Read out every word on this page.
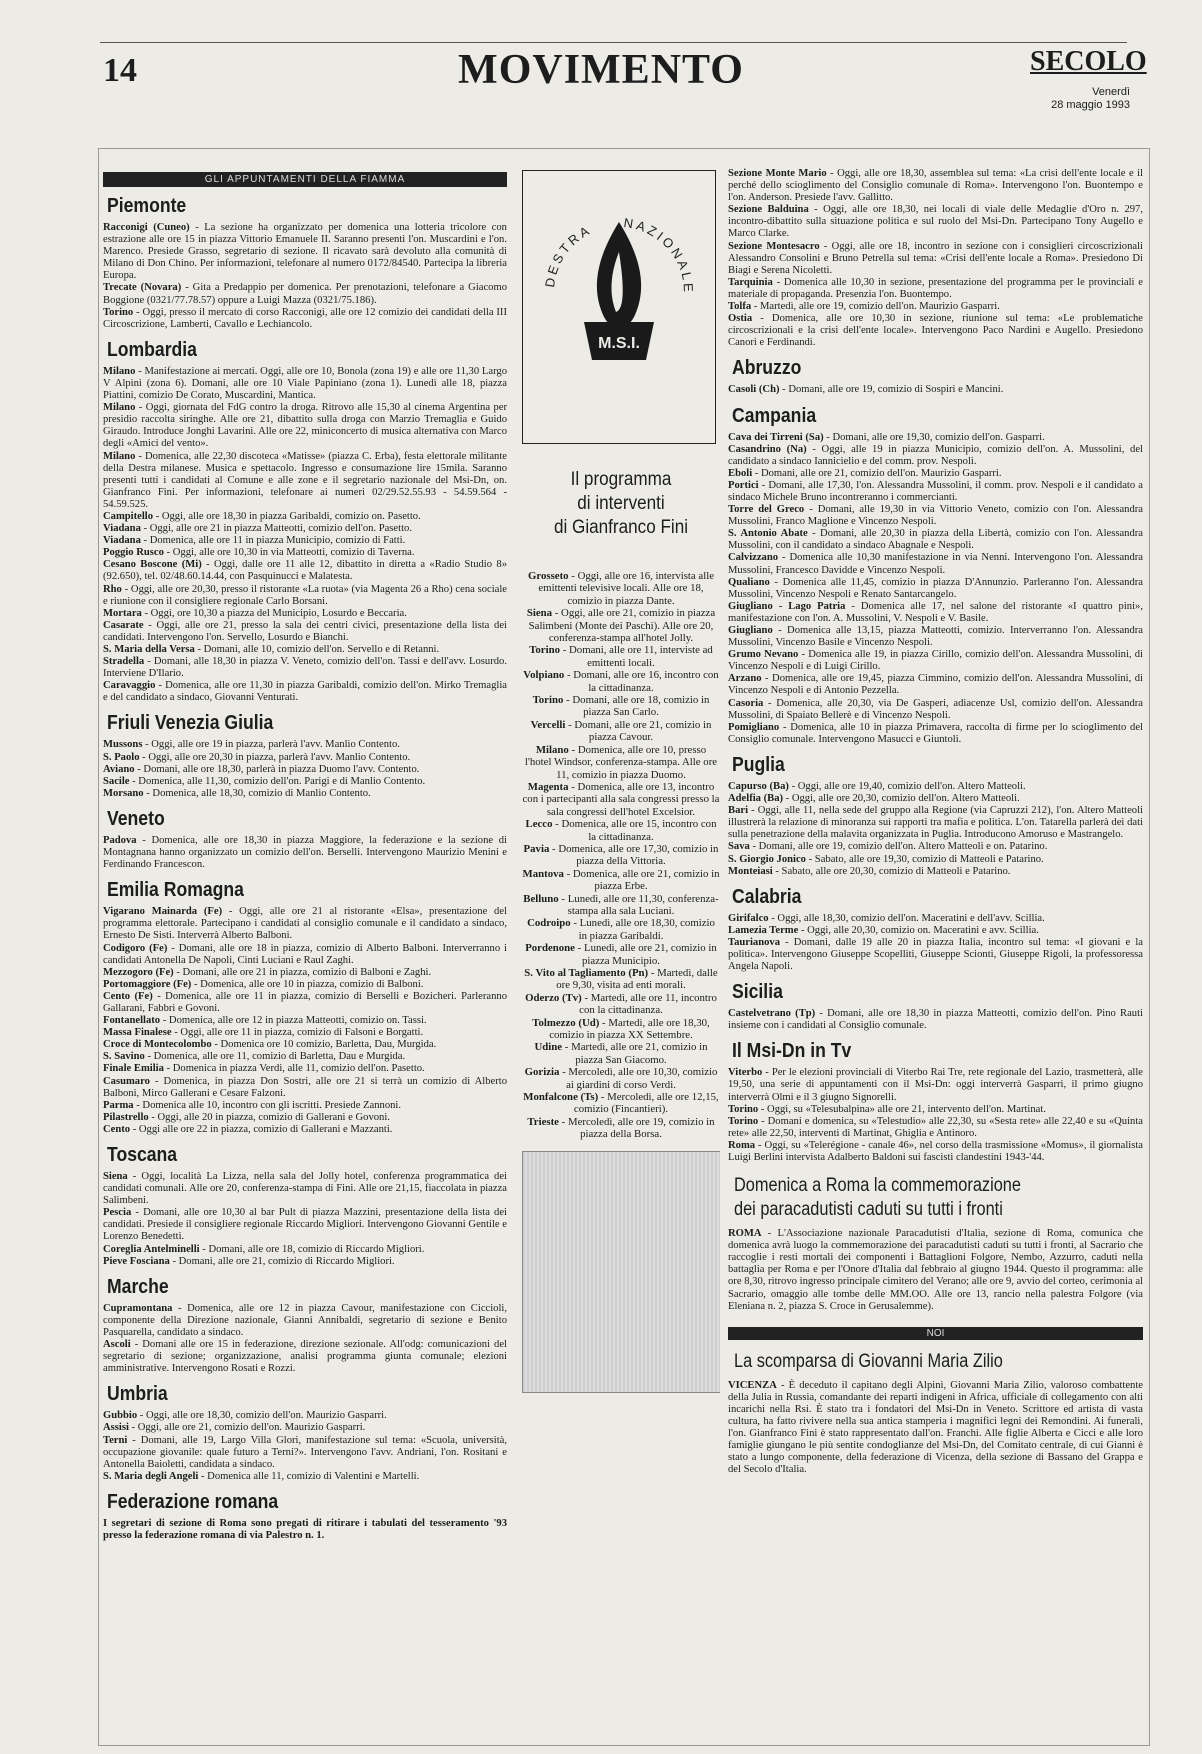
14	MOVIMENTO	SECOLO
Venerdì
28 maggio 1993
GLI APPUNTAMENTI DELLA FIAMMA
Piemonte

Racconigi (Cuneo) - La sezione ha organizzato per domenica una lotteria tricolore con estrazione alle ore 15 in piazza Vittorio Emanuele II. Saranno presenti l'on. Muscardini e l'on. Marenco. Presiede Grasso, segretario di sezione. Il ricavato sarà devoluto alla comunità di Milano di Don Chino. Per informazioni, telefonare al numero 0172/84540. Partecipa la libreria Europa.

Trecate (Novara) - Gita a Predappio per domenica. Per prenotazioni, telefonare a Giacomo Boggione (0321/77.78.57) oppure a Luigi Mazza (0321/75.186).

Torino - Oggi, presso il mercato di corso Racconigi, alle ore 12 comizio dei candidati della III Circoscrizione, Lamberti, Cavallo e Lechiancolo.

Lombardia

Milano - Manifestazione ai mercati. Oggi, alle ore 10, Bonola (zona 19) e alle ore 11,30 Largo V Alpini (zona 6). Domani, alle ore 10 Viale Papiniano (zona 1). Lunedì alle 18, piazza Piattini, comizio De Corato, Muscardini, Mantica.

Milano - Oggi, giornata del FdG contro la droga. Ritrovo alle 15,30 al cinema Argentina per presidio raccolta siringhe. Alle ore 21, dibattito sulla droga con Marzio Tremaglia e Guido Giraudo. Introduce Jonghi Lavarini. Alle ore 22, miniconcerto di musica alternativa con Marco degli «Amici del vento».

Milano - Domenica, alle 22,30 discoteca «Matisse» (piazza C. Erba), festa elettorale militante della Destra milanese. Musica e spettacolo. Ingresso e consumazione lire 15mila. Saranno presenti tutti i candidati al Comune e alle zone e il segretario nazionale del Msi-Dn, on. Gianfranco Fini. Per informazioni, telefonare ai numeri 02/29.52.55.93 - 54.59.564 - 54.59.525.

Campitello - Oggi, alle ore 18,30 in piazza Garibaldi, comizio on. Pasetto.

Viadana - Oggi, alle ore 21 in piazza Matteotti, comizio dell'on. Pasetto.

Viadana - Domenica, alle ore 11 in piazza Municipio, comizio di Fatti.

Poggio Rusco - Oggi, alle ore 10,30 in via Matteotti, comizio di Taverna.

Cesano Boscone (Mi) - Oggi, dalle ore 11 alle 12, dibattito in diretta a «Radio Studio 8» (92.650), tel. 02/48.60.14.44, con Pasquinucci e Malatesta.

Rho - Oggi, alle ore 20,30, presso il ristorante «La ruota» (via Magenta 26 a Rho) cena sociale e riunione con il consigliere regionale Carlo Borsani.

Mortara - Oggi, ore 10,30 a piazza del Municipio, Losurdo e Beccaria.

Casarate - Oggi, alle ore 21, presso la sala dei centri civici, presentazione della lista dei candidati. Intervengono l'on. Servello, Losurdo e Bianchi.

S. Maria della Versa - Domani, alle 10, comizio dell'on. Servello e di Retanni.

Stradella - Domani, alle 18,30 in piazza V. Veneto, comizio dell'on. Tassi e dell'avv. Losurdo. Interviene D'Ilario.

Caravaggio - Domenica, alle ore 11,30 in piazza Garibaldi, comizio dell'on. Mirko Tremaglia e del candidato a sindaco, Giovanni Venturati.

Friuli Venezia Giulia

Mussons - Oggi, alle ore 19 in piazza, parlerà l'avv. Manlio Contento.

S. Paolo - Oggi, alle ore 20,30 in piazza, parlerà l'avv. Manlio Contento.

Aviano - Domani, alle ore 18,30, parlerà in piazza Duomo l'avv. Contento.

Sacile - Domenica, alle 11,30, comizio dell'on. Parigi e di Manlio Contento.

Morsano - Domenica, alle 18,30, comizio di Manlio Contento.

Veneto

Padova - Domenica, alle ore 18,30 in piazza Maggiore, la federazione e la sezione di Montagnana hanno organizzato un comizio dell'on. Berselli. Intervengono Maurizio Menini e Ferdinando Francescon.

Emilia Romagna

Vigarano Mainarda (Fe) - Oggi, alle ore 21 al ristorante «Elsa», presentazione del programma elettorale. Partecipano i candidati al consiglio comunale e il candidato a sindaco, Ernesto De Sisti. Interverrà Alberto Balboni.

Codigoro (Fe) - Domani, alle ore 18 in piazza, comizio di Alberto Balboni. Interverranno i candidati Antonella De Napoli, Cinti Luciani e Raul Zaghi.

Mezzogoro (Fe) - Domani, alle ore 21 in piazza, comizio di Balboni e Zaghi.

Portomaggiore (Fe) - Domenica, alle ore 10 in piazza, comizio di Balboni.

Cento (Fe) - Domenica, alle ore 11 in piazza, comizio di Berselli e Bozicheri. Parleranno Gallarani, Fabbri e Govoni.

Fontanellato - Domenica, alle ore 12 in piazza Matteotti, comizio on. Tassi.

Massa Finalese - Oggi, alle ore 11 in piazza, comizio di Falsoni e Borgatti.

Croce di Montecolombo - Domenica ore 10 comizio, Barletta, Dau, Murgida.

S. Savino - Domenica, alle ore 11, comizio di Barletta, Dau e Murgida.

Finale Emilia - Domenica in piazza Verdi, alle 11, comizio dell'on. Pasetto.

Casumaro - Domenica, in piazza Don Sostri, alle ore 21 si terrà un comizio di Alberto Balboni, Mirco Gallerani e Cesare Falzoni.

Parma - Domenica alle 10, incontro con gli iscritti. Presiede Zannoni.

Pilastrello - Oggi, alle 20 in piazza, comizio di Gallerani e Govoni.

Cento - Oggi alle ore 22 in piazza, comizio di Gallerani e Mazzanti.

Toscana

Siena - Oggi, località La Lizza, nella sala del Jolly hotel, conferenza programmatica dei candidati comunali. Alle ore 20, conferenza-stampa di Fini. Alle ore 21,15, fiaccolata in piazza Salimbeni.

Pescia - Domani, alle ore 10,30 al bar Pult di piazza Mazzini, presentazione della lista dei candidati. Presiede il consigliere regionale Riccardo Migliori. Intervengono Giovanni Gentile e Lorenzo Benedetti.

Coreglia Antelminelli - Domani, alle ore 18, comizio di Riccardo Migliori.

Pieve Fosciana - Domani, alle ore 21, comizio di Riccardo Migliori.

Marche

Cupramontana - Domenica, alle ore 12 in piazza Cavour, manifestazione con Ciccioli, componente della Direzione nazionale, Gianni Annibaldi, segretario di sezione e Benito Pasquarella, candidato a sindaco.

Ascoli - Domani alle ore 15 in federazione, direzione sezionale. All'odg: comunicazioni del segretario di sezione; organizzazione, analisi programma giunta comunale; elezioni amministrative. Intervengono Rosati e Rozzi.

Umbria

Gubbio - Oggi, alle ore 18,30, comizio dell'on. Maurizio Gasparri.

Assisi - Oggi, alle ore 21, comizio dell'on. Maurizio Gasparri.

Terni - Domani, alle 19, Largo Villa Glori, manifestazione sul tema: «Scuola, università, occupazione giovanile: quale futuro a Terni?». Intervengono l'avv. Andriani, l'on. Rositani e Antonella Baioletti, candidata a sindaco.

S. Maria degli Angeli - Domenica alle 11, comizio di Valentini e Martelli.

Federazione romana

I segretari di sezione di Roma sono pregati di ritirare i tabulati del tesseramento '93 presso la federazione romana di via Palestro n. 1.

DESTRA NAZIONALE
M.S.I.
Il programma
di interventi
di Gianfranco Fini

Grosseto - Oggi, alle ore 16, intervista alle emittenti televisive locali. Alle ore 18, comizio in piazza Dante.

Siena - Oggi, alle ore 21, comizio in piazza Salimbeni (Monte dei Paschi). Alle ore 20, conferenza-stampa all'hotel Jolly.

Torino - Domani, alle ore 11, interviste ad emittenti locali.

Volpiano - Domani, alle ore 16, incontro con la cittadinanza.

Torino - Domani, alle ore 18, comizio in piazza San Carlo.

Vercelli - Domani, alle ore 21, comizio in piazza Cavour.

Milano - Domenica, alle ore 10, presso l'hotel Windsor, conferenza-stampa. Alle ore 11, comizio in piazza Duomo.

Magenta - Domenica, alle ore 13, incontro con i partecipanti alla sala congressi presso la sala congressi dell'hotel Excelsior.

Lecco - Domenica, alle ore 15, incontro con la cittadinanza.

Pavia - Domenica, alle ore 17,30, comizio in piazza della Vittoria.

Mantova - Domenica, alle ore 21, comizio in piazza Erbe.

Belluno - Lunedì, alle ore 11,30, conferenza-stampa alla sala Luciani.

Codroipo - Lunedì, alle ore 18,30, comizio in piazza Garibaldi.

Pordenone - Lunedì, alle ore 21, comizio in piazza Municipio.

S. Vito al Tagliamento (Pn) - Martedì, dalle ore 9,30, visita ad enti morali.

Oderzo (Tv) - Martedì, alle ore 11, incontro con la cittadinanza.

Tolmezzo (Ud) - Martedì, alle ore 18,30, comizio in piazza XX Settembre.

Udine - Martedì, alle ore 21, comizio in piazza San Giacomo.

Gorizia - Mercoledì, alle ore 10,30, comizio ai giardini di corso Verdi.

Monfalcone (Ts) - Mercoledì, alle ore 12,15, comizio (Fincantieri).

Trieste - Mercoledì, alle ore 19, comizio in piazza della Borsa.

Sezione Monte Mario - Oggi, alle ore 18,30, assemblea sul tema: «La crisi dell'ente locale e il perché dello scioglimento del Consiglio comunale di Roma». Intervengono l'on. Buontempo e l'on. Anderson. Presiede l'avv. Gallitto.

Sezione Balduina - Oggi, alle ore 18,30, nei locali di viale delle Medaglie d'Oro n. 297, incontro-dibattito sulla situazione politica e sul ruolo del Msi-Dn. Partecipano Tony Augello e Marco Clarke.

Sezione Montesacro - Oggi, alle ore 18, incontro in sezione con i consiglieri circoscrizionali Alessandro Consolini e Bruno Petrella sul tema: «Crisi dell'ente locale a Roma». Presiedono Di Biagi e Serena Nicoletti.

Tarquinia - Domenica alle 10,30 in sezione, presentazione del programma per le provinciali e materiale di propaganda. Presenzia l'on. Buontempo.

Tolfa - Martedì, alle ore 19, comizio dell'on. Maurizio Gasparri.

Ostia - Domenica, alle ore 10,30 in sezione, riunione sul tema: «Le problematiche circoscrizionali e la crisi dell'ente locale». Intervengono Paco Nardini e Augello. Presiedono Canori e Ferdinandi.

Abruzzo

Casoli (Ch) - Domani, alle ore 19, comizio di Sospiri e Mancini.

Campania

Cava dei Tirreni (Sa) - Domani, alle ore 19,30, comizio dell'on. Gasparri.

Casandrino (Na) - Oggi, alle 19 in piazza Municipio, comizio dell'on. A. Mussolini, del candidato a sindaco Iannicielio e del comm. prov. Nespoli.

Eboli - Domani, alle ore 21, comizio dell'on. Maurizio Gasparri.

Portici - Domani, alle 17,30, l'on. Alessandra Mussolini, il comm. prov. Nespoli e il candidato a sindaco Michele Bruno incontreranno i commercianti.

Torre del Greco - Domani, alle 19,30 in via Vittorio Veneto, comizio con l'on. Alessandra Mussolini, Franco Maglione e Vincenzo Nespoli.

S. Antonio Abate - Domani, alle 20,30 in piazza della Libertà, comizio con l'on. Alessandra Mussolini, con il candidato a sindaco Abagnale e Nespoli.

Calvizzano - Domenica alle 10,30 manifestazione in via Nenni. Intervengono l'on. Alessandra Mussolini, Francesco Davidde e Vincenzo Nespoli.

Qualiano - Domenica alle 11,45, comizio in piazza D'Annunzio. Parleranno l'on. Alessandra Mussolini, Vincenzo Nespoli e Renato Santarcangelo.

Giugliano - Lago Patria - Domenica alle 17, nel salone del ristorante «I quattro pini», manifestazione con l'on. A. Mussolini, V. Nespoli e V. Basile.

Giugliano - Domenica alle 13,15, piazza Matteotti, comizio. Interverranno l'on. Alessandra Mussolini, Vincenzo Basile e Vincenzo Nespoli.

Grumo Nevano - Domenica alle 19, in piazza Cirillo, comizio dell'on. Alessandra Mussolini, di Vincenzo Nespoli e di Luigi Cirillo.

Arzano - Domenica, alle ore 19,45, piazza Cimmino, comizio dell'on. Alessandra Mussolini, di Vincenzo Nespoli e di Antonio Pezzella.

Casoria - Domenica, alle 20,30, via De Gasperi, adiacenze Usl, comizio dell'on. Alessandra Mussolini, di Spaiato Bellerè e di Vincenzo Nespoli.

Pomigliano - Domenica, alle 10 in piazza Primavera, raccolta di firme per lo scioglimento del Consiglio comunale. Intervengono Masucci e Giuntoli.

Puglia

Capurso (Ba) - Oggi, alle ore 19,40, comizio dell'on. Altero Matteoli.

Adelfia (Ba) - Oggi, alle ore 20,30, comizio dell'on. Altero Matteoli.

Bari - Oggi, alle 11, nella sede del gruppo alla Regione (via Capruzzi 212), l'on. Altero Matteoli illustrerà la relazione di minoranza sui rapporti tra mafia e politica. L'on. Tatarella parlerà dei dati sulla penetrazione della malavita organizzata in Puglia. Introducono Amoruso e Mastrangelo.

Sava - Domani, alle ore 19, comizio dell'on. Altero Matteoli e on. Patarino.

S. Giorgio Jonico - Sabato, alle ore 19,30, comizio di Matteoli e Patarino.

Monteiasi - Sabato, alle ore 20,30, comizio di Matteoli e Patarino.

Calabria

Girifalco - Oggi, alle 18,30, comizio dell'on. Maceratini e dell'avv. Scillia.

Lamezia Terme - Oggi, alle 20,30, comizio on. Maceratini e avv. Scillia.

Taurianova - Domani, dalle 19 alle 20 in piazza Italia, incontro sul tema: «I giovani e la politica». Intervengono Giuseppe Scopelliti, Giuseppe Scionti, Giuseppe Rigoli, la professoressa Angela Napoli.

Sicilia

Castelvetrano (Tp) - Domani, alle ore 18,30 in piazza Matteotti, comizio dell'on. Pino Rauti insieme con i candidati al Consiglio comunale.

Il Msi-Dn in Tv

Viterbo - Per le elezioni provinciali di Viterbo Rai Tre, rete regionale del Lazio, trasmetterà, alle 19,50, una serie di appuntamenti con il Msi-Dn: oggi interverrà Gasparri, il primo giugno interverrà Olmi e il 3 giugno Signorelli.

Torino - Oggi, su «Telesubalpina» alle ore 21, intervento dell'on. Martinat.

Torino - Domani e domenica, su «Telestudio» alle 22,30, su «Sesta rete» alle 22,40 e su «Quinta rete» alle 22,50, interventi di Martinat, Ghiglia e Antinoro.

Roma - Oggi, su «Telerégione - canale 46», nel corso della trasmissione «Momus», il giornalista Luigi Berlini intervista Adalberto Baldoni sui fascisti clandestini 1943-'44.

Domenica a Roma la commemorazione
dei paracadutisti caduti su tutti i fronti

ROMA - L'Associazione nazionale Paracadutisti d'Italia, sezione di Roma, comunica che domenica avrà luogo la commemorazione dei paracadutisti caduti su tutti i fronti, al Sacrario che raccoglie i resti mortali dei componenti i Battaglioni Folgore, Nembo, Azzurro, caduti nella battaglia per Roma e per l'Onore d'Italia dal febbraio al giugno 1944. Questo il programma: alle ore 8,30, ritrovo ingresso principale cimitero del Verano; alle ore 9, avvio del corteo, cerimonia al Sacrario, omaggio alle tombe delle MM.OO. Alle ore 13, rancio nella palestra Folgore (via Eleniana n. 2, piazza S. Croce in Gerusalemme).

NOI
La scomparsa di Giovanni Maria Zilio

VICENZA - È deceduto il capitano degli Alpini, Giovanni Maria Zilio, valoroso combattente della Julia in Russia, comandante dei reparti indigeni in Africa, ufficiale di collegamento con alti incarichi nella Rsi. È stato tra i fondatori del Msi-Dn in Veneto. Scrittore ed artista di vasta cultura, ha fatto rivivere nella sua antica stamperia i magnifici legni dei Remondini. Ai funerali, l'on. Gianfranco Fini è stato rappresentato dall'on. Franchi. Alle figlie Alberta e Cicci e alle loro famiglie giungano le più sentite condoglianze del Msi-Dn, del Comitato centrale, di cui Gianni è stato a lungo componente, della federazione di Vicenza, della sezione di Bassano del Grappa e del Secolo d'Italia.
